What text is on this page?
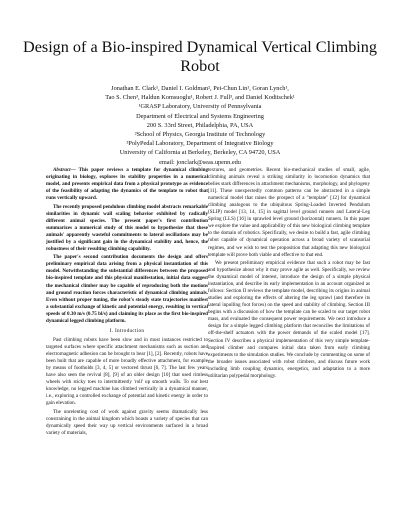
Design of a Bio-inspired Dynamical Vertical Climbing Robot
Jonathan E. Clark¹, Daniel I. Goldman², Pei-Chun Lin¹, Goran Lynch¹,
Tao S. Chen³, Haldun Komsuoglu¹, Robert J. Full³, and Daniel Koditschek¹
¹GRASP Laboratory, University of Pennsylvania
Department of Electrical and Systems Engineering
200 S. 33rd Street, Philadelphia, PA, USA
²School of Physics, Georgia Institute of Technology
³PolyPedal Laboratory, Department of Integrative Biology
University of California at Berkeley, Berkeley, CA 94720, USA
email: jonclark@seas.upenn.edu

Abstract— This paper reviews a template for dynamical climbing originating in biology, explores its stability properties in a numerical model, and presents empirical data from a physical prototype as evidence of the feasibility of adapting the dynamics of the template to robot that runs vertically upward.

The recently proposed pendulous climbing model abstracts remarkable similarities in dynamic wall scaling behavior exhibited by radically different animal species. The present paper's first contribution summarizes a numerical study of this model to hypothesize that these animals' apparently wasteful commitments to lateral oscillations may be justified by a significant gain in the dynamical stability and, hence, the robustness of their resulting climbing capability.

The paper's second contribution documents the design and offers preliminary empirical data arising from a physical instantiation of this model. Notwithstanding the substantial differences between the proposed bio-inspired template and this physical manifestation, initial data suggest the mechanical climber may be capable of reproducing both the motions and ground reaction forces characteristic of dynamical climbing animals. Even without proper tuning, the robot's steady state trajectories manifest a substantial exchange of kinetic and potential energy, resulting in vertical speeds of 0.30 m/s (0.75 bl/s) and claiming its place as the first bio-inspired dynamical legged climbing platform.

I. Introduction

Past climbing robots have been slow and in most instances restricted to targeted surfaces where specific attachment mechanisms such as suction and electromagnetic adhesion can be brought to bear [1], [2]. Recently, robots have been built that are capable of more broadly effective attachment, for example by means of footholds [3, 4, 5] or vectored thrust [6, 7]. The last few years have also seen the revival [8], [9] of an older design [10] that used rimless wheels with sticky toes to intermittently 'roll' up smooth walls. To our best knowledge, no legged machine has climbed vertically in a dynamical manner, i.e., exploring a controlled exchange of potential and kinetic energy in order to gain elevation.

The unrelenting cost of work against gravity seems dramatically less constraining in the animal kingdom which boasts a variety of species that can dynamically speed their way up vertical environments surfaced in a broad variety of materials,

textures, and geometries. Recent bio-mechanical studies of small, agile, climbing animals reveal a striking similarity in locomotion dynamics that belies stark differences in attachment mechanisms, morphology, and phylogeny [11]. These unexpectedly common patterns can be abstracted in a simple numerical model that raises the prospect of a "template" [12] for dynamical climbing analogous to the ubiquitous Spring-Loaded Inverted Pendulum (SLIP) model [13, 14, 15] in sagittal level ground runners and Lateral-Leg Spring (LLS) [16] in sprawled level ground (horizontal) runners. In this paper we explore the value and applicability of this new biological climbing template to the domain of robotics. Specifically, we desire to build a fast, agile climbing robot capable of dynamical operation across a broad variety of scansorial regimes, and we wish to test the proposition that adapting this new biological template will prove both viable and effective to that end.

We present preliminary empirical evidence that such a robot may be fast and hypothesize about why it may prove agile as well. Specifically, we review the dynamical model of interest, introduce the design of a simple physical instantiation, and describe its early implementation in an account organized as follows: Section II reviews the template model, describing its origins in animal studies and exploring the effects of altering the leg sprawl (and therefore its lateral inpulling foot forces) on the speed and stability of climbing. Section III begins with a discussion of how the template can be scaled to our target robot mass, and evaluated the consequent power requirements. We next introduce a design for a simple legged climbing platform that reconciles the limitations of off-the-shelf actuators with the power demands of the scaled model [17]. Section IV describes a physical implementation of this very simple template-inspired climber and compares initial data taken from early climbing experiments to the simulation studies. We conclude by commenting on some of the broader issues associated with robot climbers, and discuss future work including limb coupling dynamics, energetics, and adaptation to a more utilitarian polypedal morphology.
